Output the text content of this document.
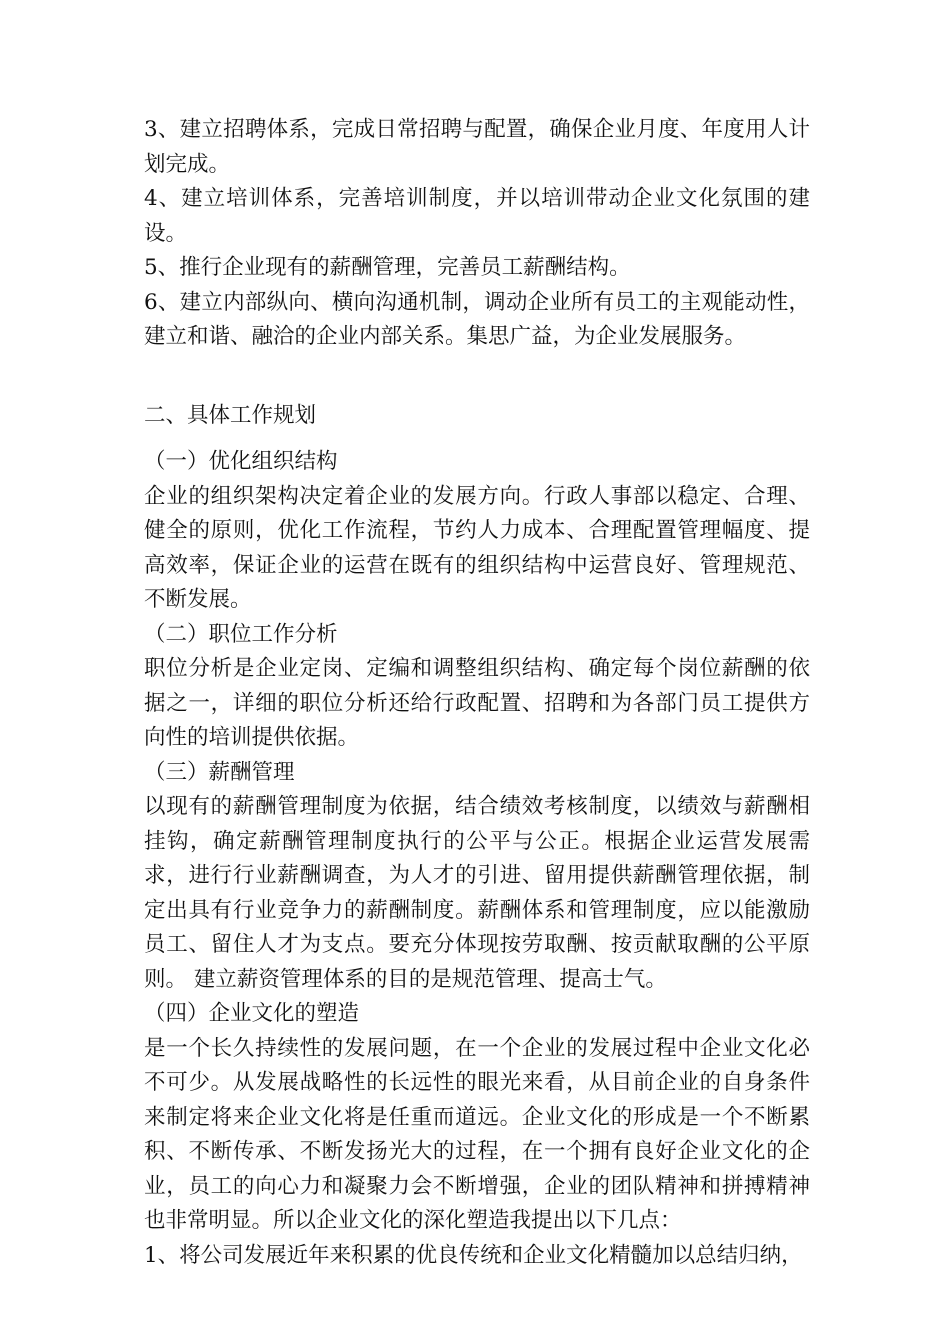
3、建立招聘体系，完成日常招聘与配置，确保企业月度、年度用人计划完成。

4、建立培训体系，完善培训制度，并以培训带动企业文化氛围的建设。

5、推行企业现有的薪酬管理，完善员工薪酬结构。

6、建立内部纵向、横向沟通机制，调动企业所有员工的主观能动性，建立和谐、融洽的企业内部关系。集思广益，为企业发展服务。

二、具体工作规划

（一）优化组织结构

企业的组织架构决定着企业的发展方向。行政人事部以稳定、合理、健全的原则，优化工作流程，节约人力成本、合理配置管理幅度、提高效率，保证企业的运营在既有的组织结构中运营良好、管理规范、不断发展。

（二）职位工作分析

职位分析是企业定岗、定编和调整组织结构、确定每个岗位薪酬的依据之一，详细的职位分析还给行政配置、招聘和为各部门员工提供方向性的培训提供依据。

（三）薪酬管理

以现有的薪酬管理制度为依据，结合绩效考核制度，以绩效与薪酬相挂钩，确定薪酬管理制度执行的公平与公正。根据企业运营发展需求，进行行业薪酬调查，为人才的引进、留用提供薪酬管理依据，制定出具有行业竞争力的薪酬制度。薪酬体系和管理制度，应以能激励员工、留住人才为支点。要充分体现按劳取酬、按贡献取酬的公平原则。 建立薪资管理体系的目的是规范管理、提高士气。

（四）企业文化的塑造

是一个长久持续性的发展问题，在一个企业的发展过程中企业文化必不可少。从发展战略性的长远性的眼光来看，从目前企业的自身条件来制定将来企业文化将是任重而道远。企业文化的形成是一个不断累积、不断传承、不断发扬光大的过程，在一个拥有良好企业文化的企业，员工的向心力和凝聚力会不断增强，企业的团队精神和拼搏精神也非常明显。所以企业文化的深化塑造我提出以下几点：

1、将公司发展近年来积累的优良传统和企业文化精髓加以总结归纳，
